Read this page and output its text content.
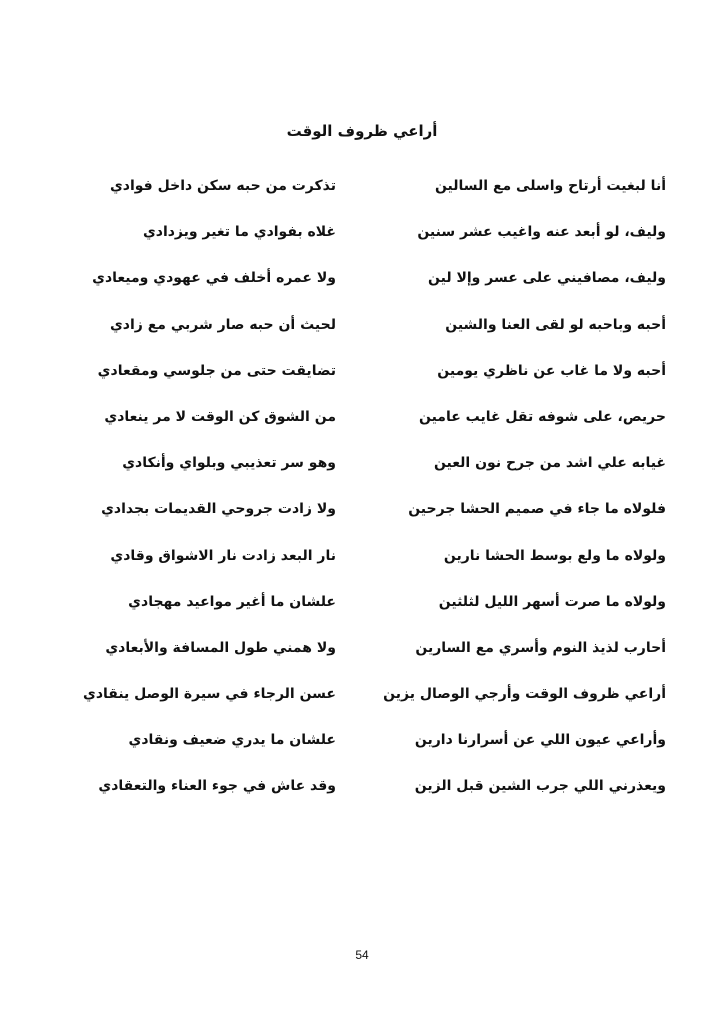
أراعي ظروف الوقت
أنا لبغيت أرتاح واسلى مع السالين
تذكرت من حبه سكن داخل فوادي
وليف، لو أبعد عنه واغيب عشر سنين
غلاه بفوادي ما تغير ويزدادي
وليف، مصافيني على عسر وإلا لين
ولا عمره أخلف في عهودي وميعادي
أحبه وباحبه لو لقى العنا والشين
لحيث أن حبه صار شربي مع زادي
أحبه ولا ما غاب عن ناظري يومين
تضايقت حتى من جلوسي ومقعادي
حريص، على شوفه تقل غايب عامين
من الشوق كن الوقت لا مر ينعادي
غيابه علي اشد من جرح نون العين
وهو سر تعذيبي وبلواي وأنكادي
فلولاه ما جاء في صميم الحشا جرحين
ولا زادت جروحي القديمات بجدادي
ولولاه ما ولع بوسط الحشا نارين
نار البعد زادت نار الاشواق وقادي
ولولاه ما صرت أسهر الليل لثلثين
علشان ما أغير مواعيد مهجادي
أحارب لذيذ النوم وأسري مع السارين
ولا همني طول المسافة والأبعادي
أراعي ظروف الوقت وأرجي الوصال يزين
عسن الرجاء في سيرة الوصل ينقادي
وأراعي عيون اللي عن أسرارنا دارين
علشان ما يدري ضعيف ونقادي
ويعذرني اللي جرب الشين قبل الزين
وقد عاش في جوء العناء والتعقادي
54
